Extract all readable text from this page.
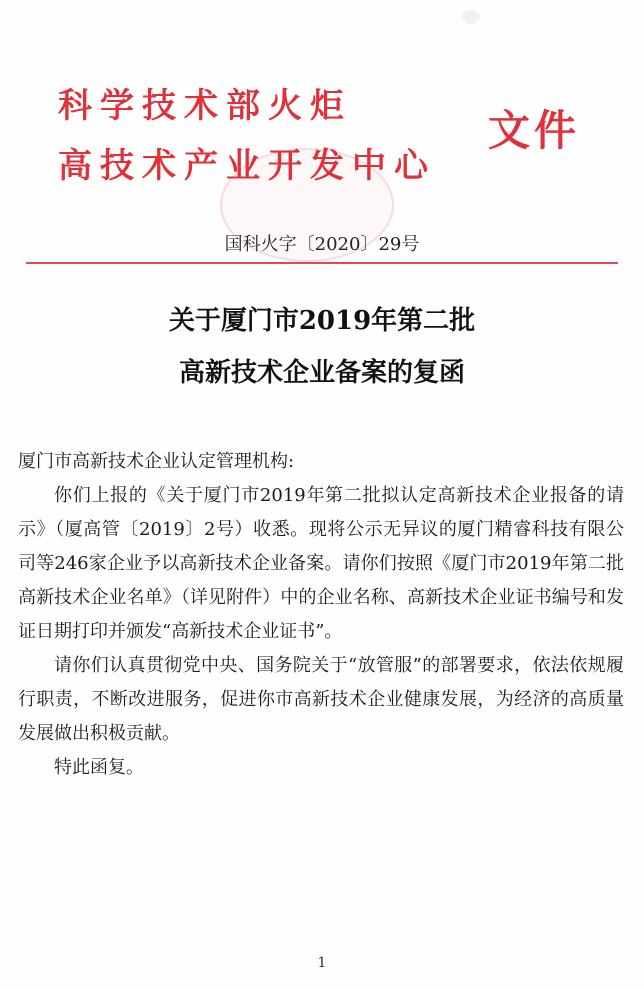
科学技术部火炬
高技术产业开发中心
文件
国科火字〔2020〕29号
关于厦门市2019年第二批
高新技术企业备案的复函

厦门市高新技术企业认定管理机构:

你们上报的《关于厦门市2019年第二批拟认定高新技术企业报备的请示》（厦高管〔2019〕2号）收悉。现将公示无异议的厦门精睿科技有限公司等246家企业予以高新技术企业备案。请你们按照《厦门市2019年第二批高新技术企业名单》（详见附件）中的企业名称、高新技术企业证书编号和发证日期打印并颁发“高新技术企业证书”。

请你们认真贯彻党中央、国务院关于“放管服”的部署要求，依法依规履行职责，不断改进服务，促进你市高新技术企业健康发展，为经济的高质量发展做出积极贡献。

特此函复。

1
